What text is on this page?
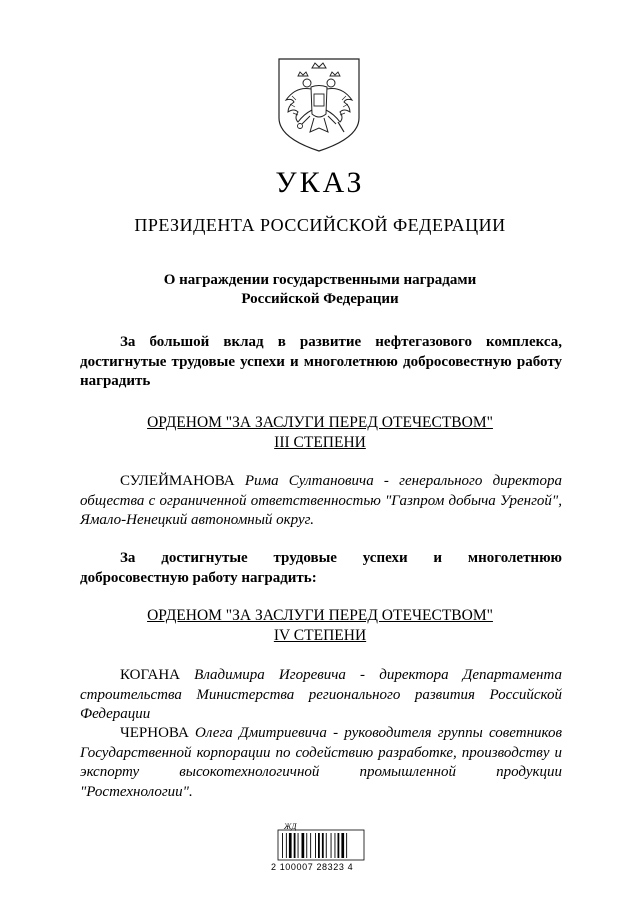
УКАЗ
ПРЕЗИДЕНТА РОССИЙСКОЙ ФЕДЕРАЦИИ
О награждении государственными наградами
Российской Федерации
За большой вклад в развитие нефтегазового комплекса, достигнутые трудовые успехи и многолетнюю добросовестную работу наградить
ОРДЕНОМ "ЗА ЗАСЛУГИ ПЕРЕД ОТЕЧЕСТВОМ"
III СТЕПЕНИ
СУЛЕЙМАНОВА Рима Султановича - генерального директора общества с ограниченной ответственностью "Газпром добыча Уренгой", Ямало-Ненецкий автономный округ.
За достигнутые трудовые успехи и многолетнюю добросовестную работу наградить:
ОРДЕНОМ "ЗА ЗАСЛУГИ ПЕРЕД ОТЕЧЕСТВОМ"
IV СТЕПЕНИ
КОГАНА Владимира Игоревича - директора Департамента строительства Министерства регионального развития Российской Федерации
ЧЕРНОВА Олега Дмитриевича - руководителя группы советников Государственной корпорации по содействию разработке, производству и экспорту высокотехнологичной промышленной продукции "Ростехнологии".
ЖД
2 100007 28323 4
